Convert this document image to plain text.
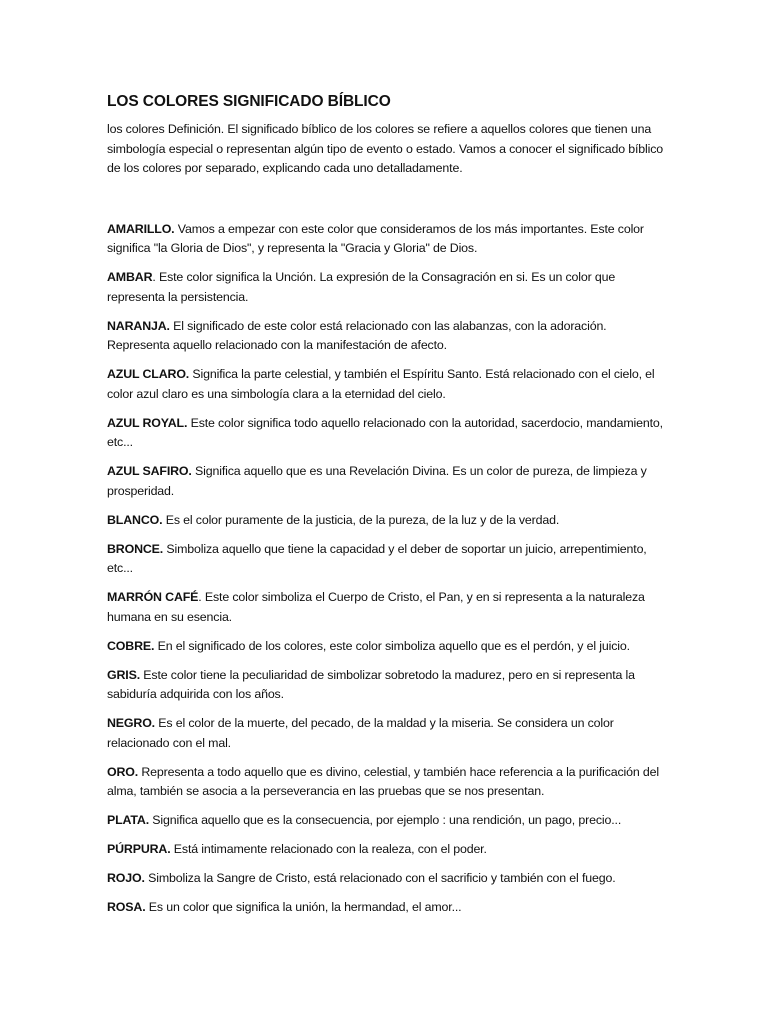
LOS COLORES SIGNIFICADO BÍBLICO

los colores Definición. El significado bíblico de los colores se refiere a aquellos colores que tienen una simbología especial o representan algún tipo de evento o estado. Vamos a conocer el significado bíblico de los colores por separado, explicando cada uno detalladamente.

AMARILLO. Vamos a empezar con este color que consideramos de los más importantes. Este color significa "la Gloria de Dios", y representa la "Gracia y Gloria" de Dios.

AMBAR. Este color significa la Unción. La expresión de la Consagración en si. Es un color que representa la persistencia.

NARANJA. El significado de este color está relacionado con las alabanzas, con la adoración. Representa aquello relacionado con la manifestación de afecto.

AZUL CLARO. Significa la parte celestial, y también el Espíritu Santo. Está relacionado con el cielo, el color azul claro es una simbología clara a la eternidad del cielo.

AZUL ROYAL. Este color significa todo aquello relacionado con la autoridad, sacerdocio, mandamiento, etc...

AZUL SAFIRO. Significa aquello que es una Revelación Divina. Es un color de pureza, de limpieza y prosperidad.

BLANCO. Es el color puramente de la justicia, de la pureza, de la luz y de la verdad.

BRONCE. Simboliza aquello que tiene la capacidad y el deber de soportar un juicio, arrepentimiento, etc...

MARRÓN CAFÉ. Este color simboliza el Cuerpo de Cristo, el Pan, y en si representa a la naturaleza humana en su esencia.

COBRE. En el significado de los colores, este color simboliza aquello que es el perdón, y el juicio.

GRIS. Este color tiene la peculiaridad de simbolizar sobretodo la madurez, pero en si representa la sabiduría adquirida con los años.

NEGRO. Es el color de la muerte, del pecado, de la maldad y la miseria. Se considera un color relacionado con el mal.

ORO. Representa a todo aquello que es divino, celestial, y también hace referencia a la purificación del alma, también se asocia a la perseverancia en las pruebas que se nos presentan.

PLATA. Significa aquello que es la consecuencia, por ejemplo : una rendición, un pago, precio...

PÚRPURA. Está intimamente relacionado con la realeza, con el poder.

ROJO. Simboliza la Sangre de Cristo, está relacionado con el sacrificio y también con el fuego.

ROSA. Es un color que significa la unión, la hermandad, el amor...
